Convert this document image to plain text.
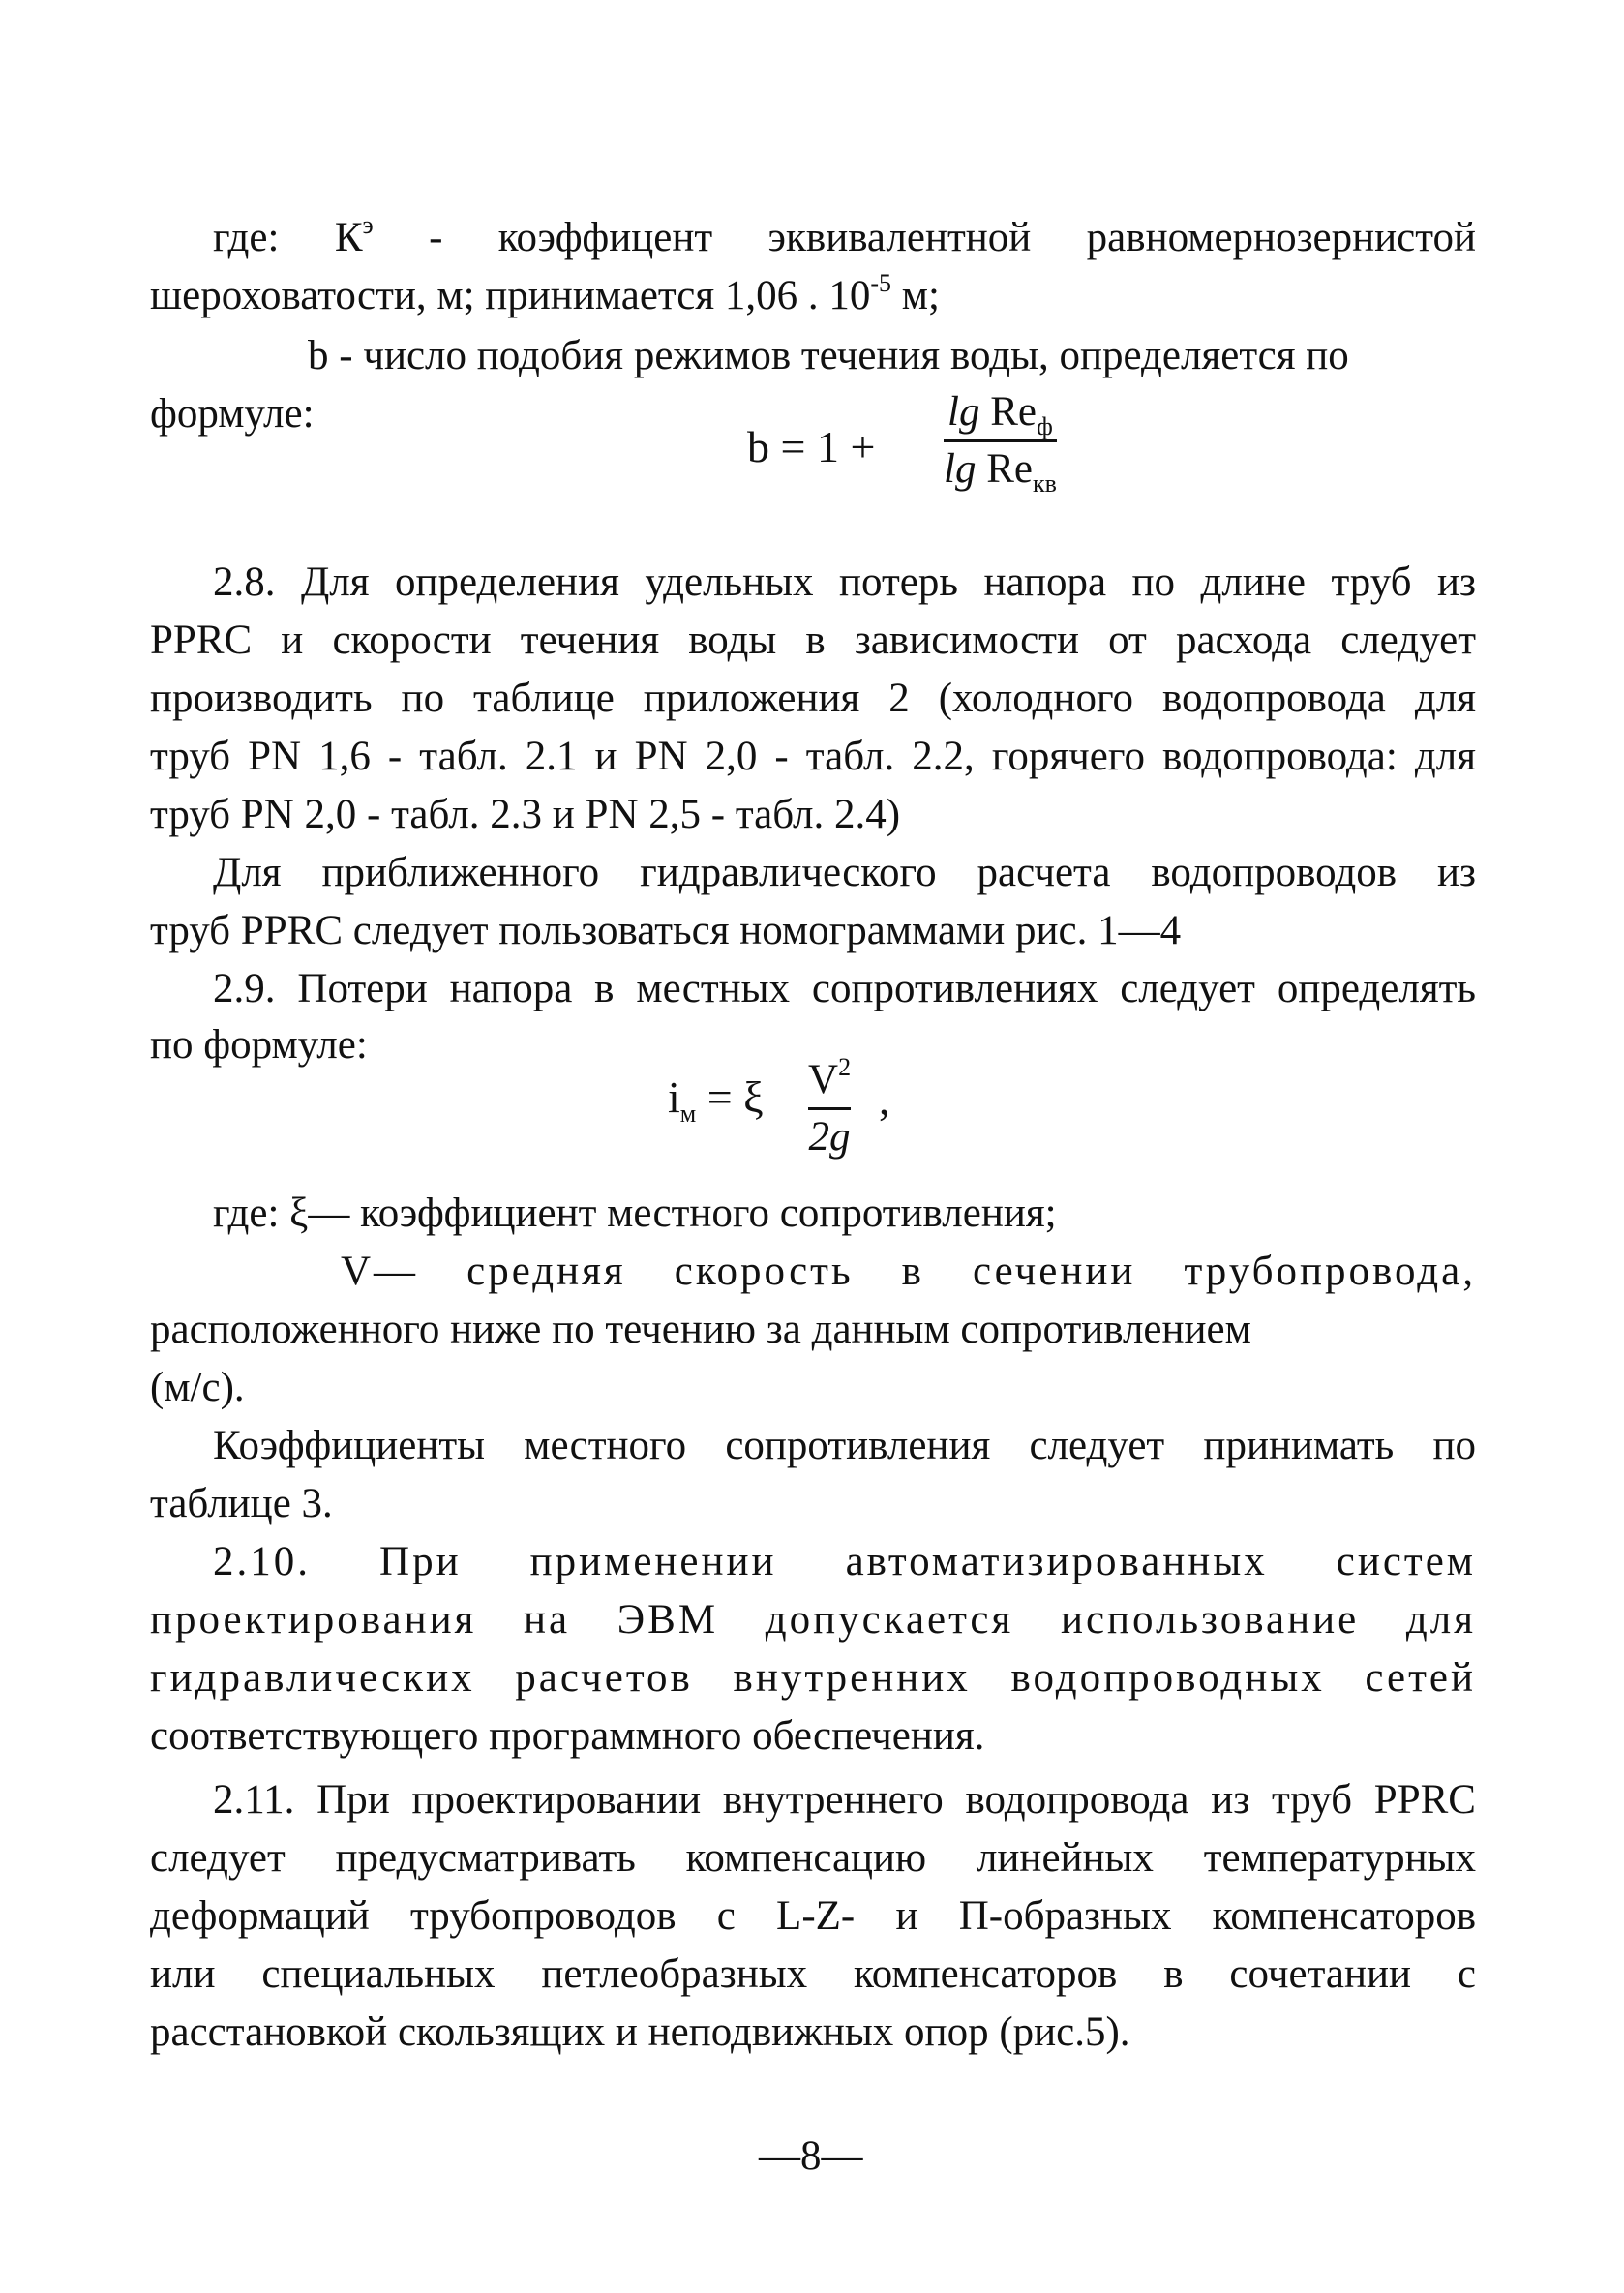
где: $К^э$ - коэффицент эквивалентной равномернозернистой
шероховатости, м; принимается 1,06 . $10^{-5}$ м;
b - число подобия режимов течения воды, определяется по
формуле:
b = 1 +
$\lg Re_ф$
$\lg Re_{кв}$
2.8. Для определения удельных потерь напора по длине труб из
PPRC и скорости течения воды в зависимости от расхода следует
производить по таблице приложения 2 (холодного водопровода для
труб PN 1,6 - табл. 2.1 и PN 2,0 - табл. 2.2, горячего водопровода: для
труб PN 2,0 - табл. 2.3 и PN 2,5 - табл. 2.4)
Для приближенного гидравлического расчета водопроводов из
труб PPRC следует пользоваться номограммами рис. 1—4
2.9. Потери напора в местных сопротивлениях следует определять
по формуле:
$i_м = \xi$ $V^2$
2g
,
где: ξ— коэффициент местного сопротивления;
V— средняя скорость в сечении трубопровода,
расположенного ниже по течению за данным сопротивлением
(м/с).
Коэффициенты местного сопротивления следует принимать по
таблице 3.
2.10. При применении автоматизированных систем
проектирования на ЭВМ допускается использование для
гидравлических расчетов внутренних водопроводных сетей
соответствующего программного обеспечения.
2.11. При проектировании внутреннего водопровода из труб PPRC
следует предусматривать компенсацию линейных температурных
деформаций трубопроводов с L-Z- и П-образных компенсаторов
или специальных петлеобразных компенсаторов в сочетании с
расстановкой скользящих и неподвижных опор (рис.5).
—8—
